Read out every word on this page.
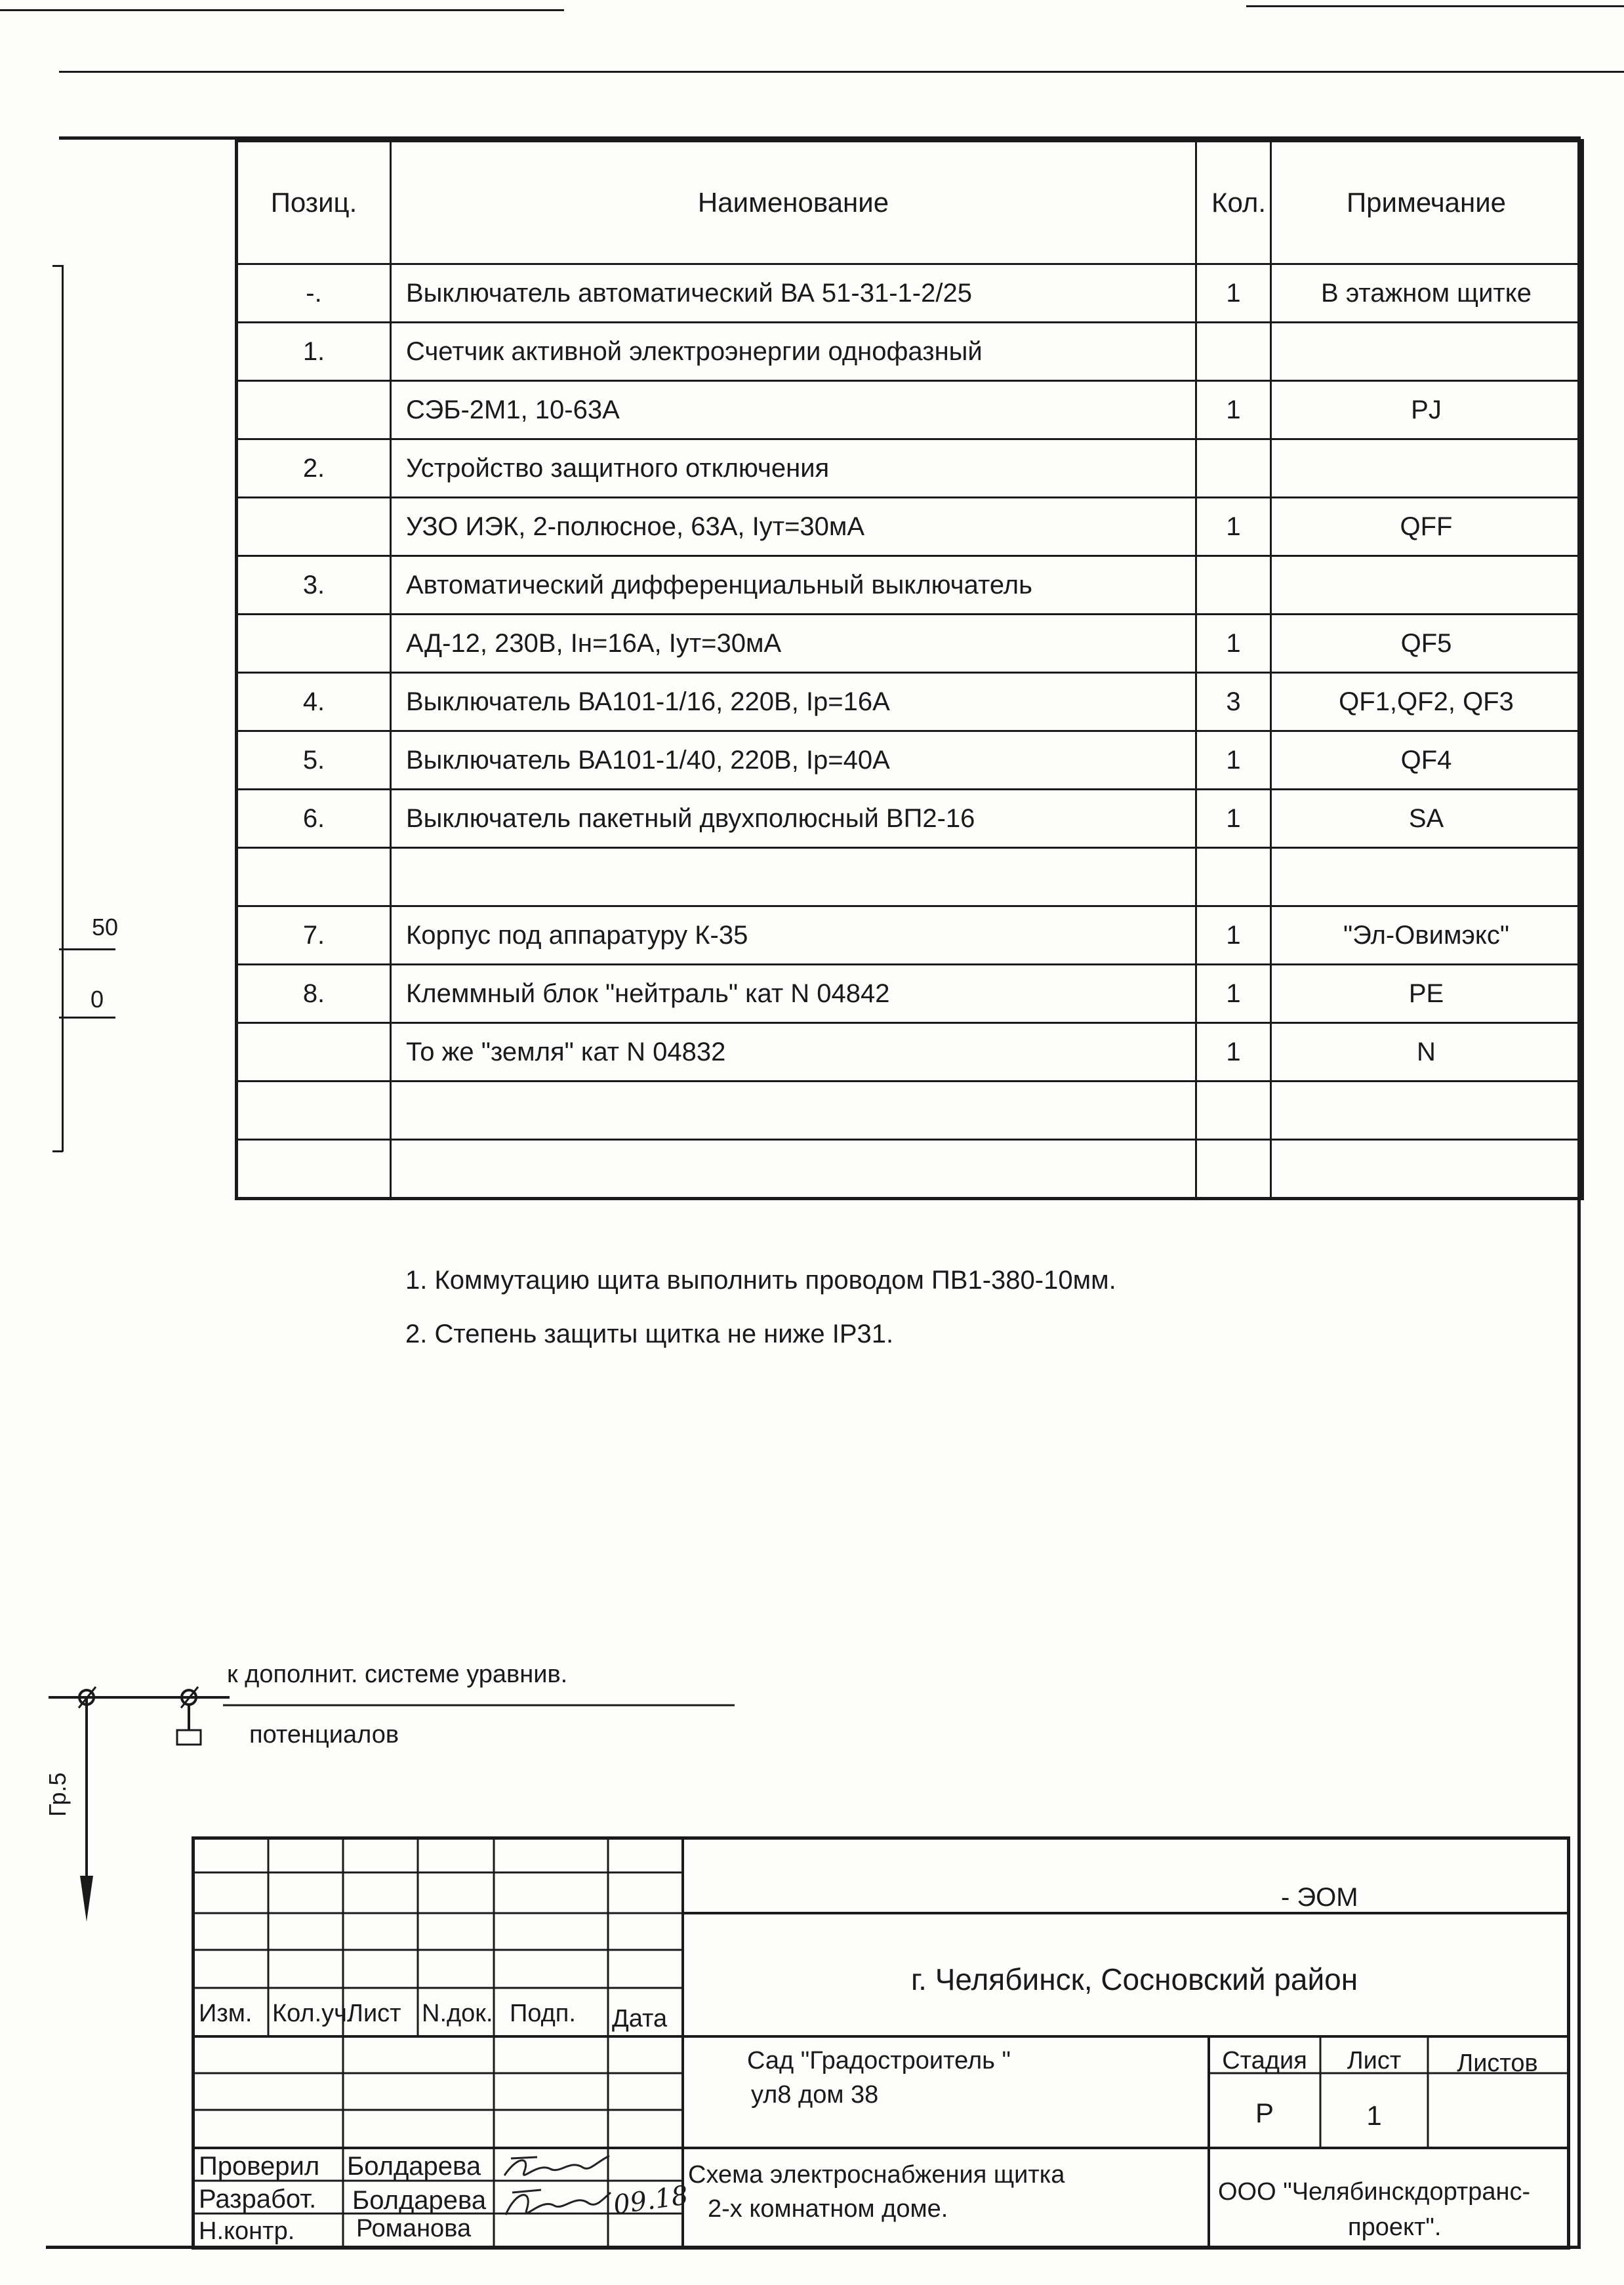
50
0
Позиц.	Наименование	Кол.	Примечание
-.	Выключатель автоматический ВА 51-31-1-2/25	1	В этажном щитке
1.	Счетчик активной электроэнергии однофазный		
	СЭБ-2М1, 10-63А	1	PJ
2.	Устройство защитного отключения		
	УЗО ИЭК, 2-полюсное, 63А, Iут=30мА	1	QFF
3.	Автоматический дифференциальный выключатель		
	АД-12, 230В, Iн=16А, Iут=30мА	1	QF5
4.	Выключатель ВА101-1/16, 220В, Iр=16А	3	QF1,QF2, QF3
5.	Выключатель ВА101-1/40, 220В, Iр=40А	1	QF4
6.	Выключатель пакетный двухполюсный ВП2-16	1	SA

7.	Корпус под аппаратуру К-35	1	"Эл-Овимэкс"
8.	Клеммный блок "нейтраль" кат N 04842	1	PE
	То же "земля" кат N 04832	1	N

1. Коммутацию щита выполнить проводом ПВ1-380-10мм.
2. Степень защиты щитка не ниже IP31.
к дополнит. системе уравнив.
потенциалов
Гр.5
Изм. Кол.уч.
Лист N.док. Подп. Дата
- ЭОМ
г. Челябинск, Сосновский район
Сад "Градостроитель "
ул8 дом 38
Стадия	Лист	Листов
Р	1
Проверил Болдарева
Разработ. Болдарева
Н.контр. Романова
09.18
Схема электроснабжения щитка
2-х комнатном доме.
ООО "Челябинскдортранс-
проект".
